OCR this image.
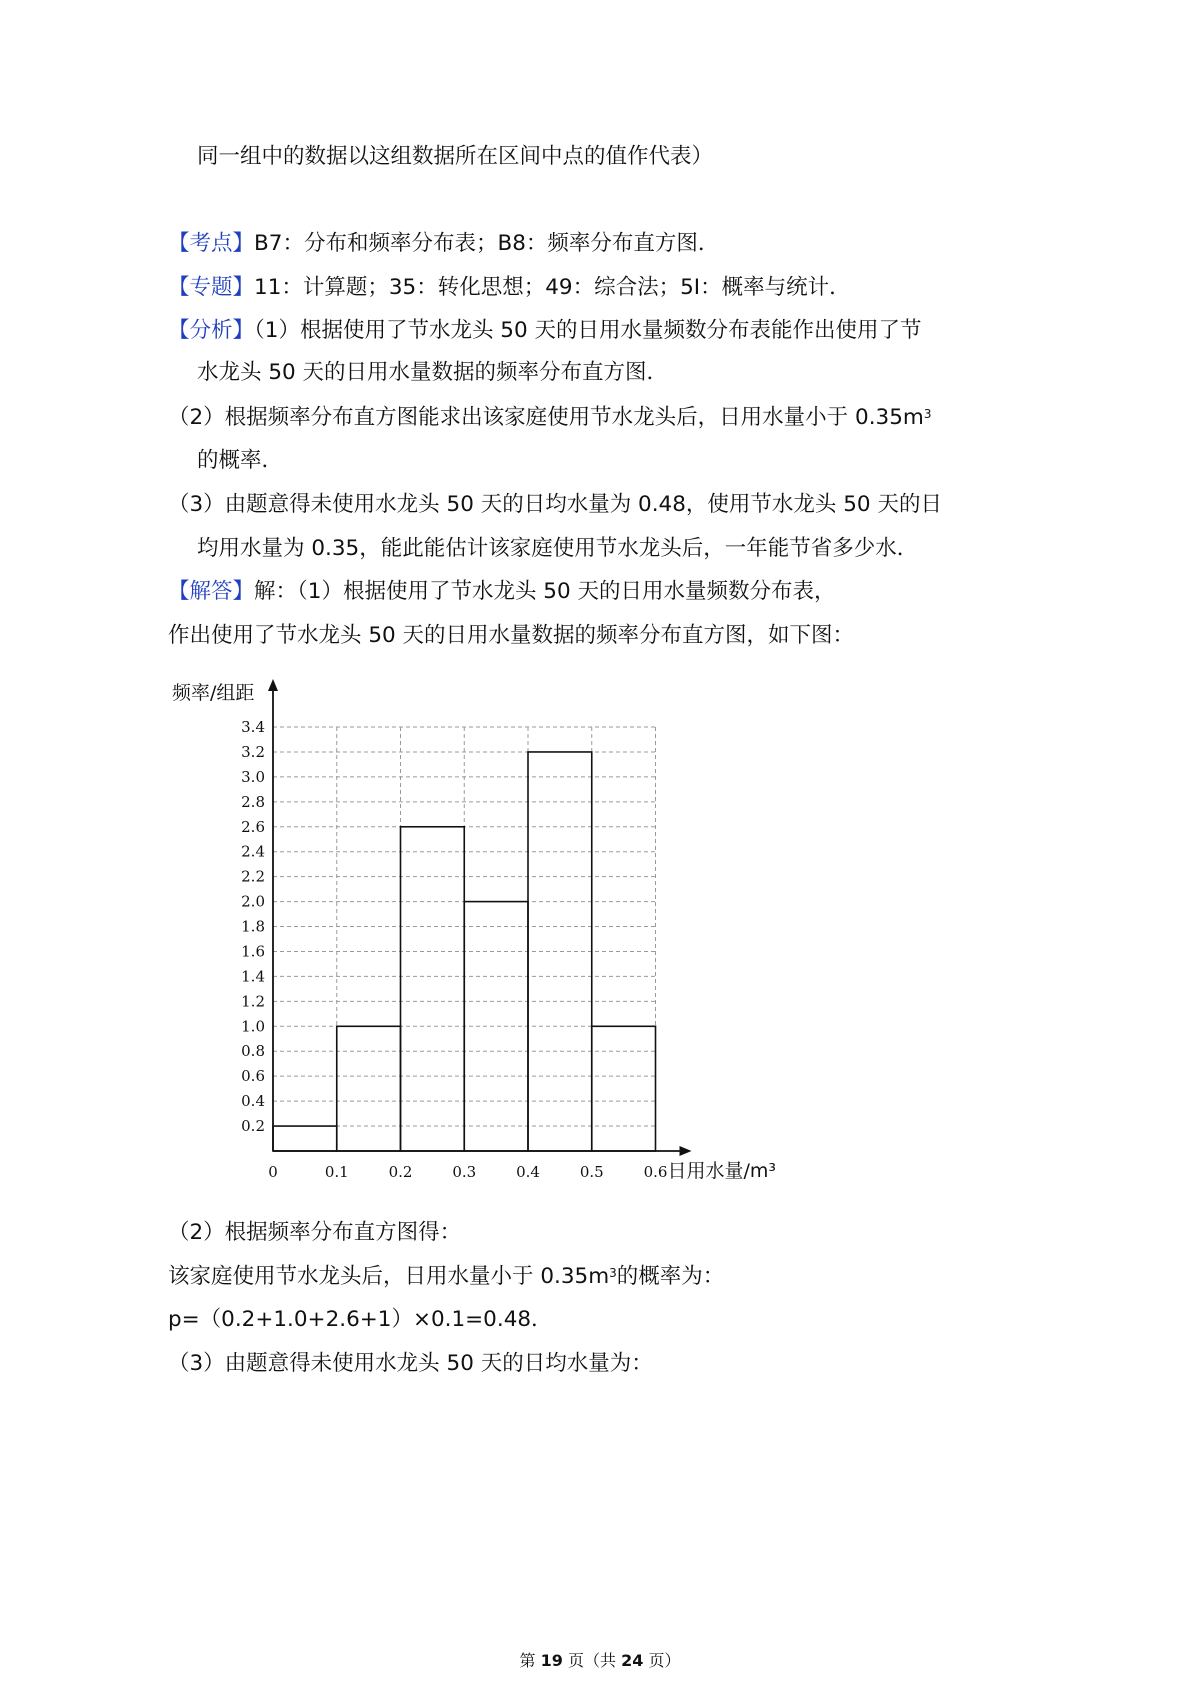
同一组中的数据以这组数据所在区间中点的值作代表）
【考点】B7：分布和频率分布表；B8：频率分布直方图．
【专题】11：计算题；35：转化思想；49：综合法；5I：概率与统计．
【分析】（1）根据使用了节水龙头 50 天的日用水量频数分布表能作出使用了节
水龙头 50 天的日用水量数据的频率分布直方图．
（2）根据频率分布直方图能求出该家庭使用节水龙头后，日用水量小于 $0.35m^3$
的概率．
（3）由题意得未使用水龙头 50 天的日均水量为 0.48，使用节水龙头 50 天的日
均用水量为 0.35，能此能估计该家庭使用节水龙头后，一年能节省多少水．
【解答】解：（1）根据使用了节水龙头 50 天的日用水量频数分布表，
作出使用了节水龙头 50 天的日用水量数据的频率分布直方图，如下图：
0.2
0.4
0.6
0.8
1.0
1.2
1.4
1.6
1.8
2.0
2.2
2.4
2.6
2.8
3.0
3.2
3.4
0	0.1	0.2	0.3	0.4	0.5	0.6
频率/组距
日用水量/m³
（2）根据频率分布直方图得：
该家庭使用节水龙头后，日用水量小于 $0.35m^3$的概率为：
p=（0.2+1.0+2.6+1）×0.1=0.48．
（3）由题意得未使用水龙头 50 天的日均水量为：
第 19 页（共 24 页）
